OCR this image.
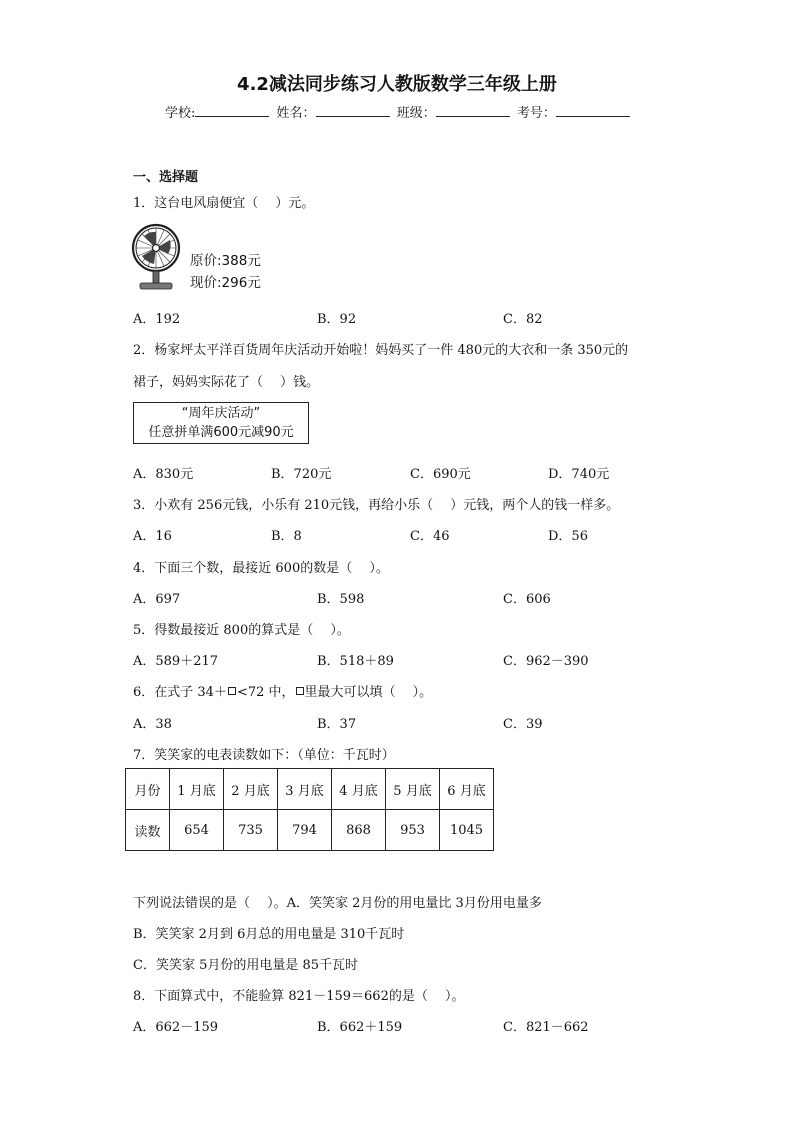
4.2减法同步练习人教版数学三年级上册
学校:	姓名：	班级：	考号：
一、选择题
1．这台电风扇便宜（　 ）元。
原价:388元
现价:296元
A．192	B．92	C．82
2．杨家坪太平洋百货周年庆活动开始啦！妈妈买了一件 480元的大衣和一条 350元的
裙子，妈妈实际花了（　 ）钱。
“周年庆活动”
任意拼单满600元减90元
A．830元	B．720元	C．690元	D．740元
3．小欢有 256元钱，小乐有 210元钱，再给小乐（　 ）元钱，两个人的钱一样多。
A．16	B．8	C．46	D．56
4．下面三个数，最接近 600的数是（　 ）。
A．697	B．598	C．606
5．得数最接近 800的算式是（　 ）。
A．589＋217	B．518＋89	C．962－390
6．在式子 34＋ <72 中， 里最大可以填（　 ）。
A．38	B．37	C．39
7．笑笑家的电表读数如下：（单位：千瓦时）
月份	1 月底	2 月底	3 月底	4 月底	5 月底	6 月底
读数	654	735	794	868	953	1045
下列说法错误的是（　 ）。A．笑笑家 2月份的用电量比 3月份用电量多
B．笑笑家 2月到 6月总的用电量是 310千瓦时
C．笑笑家 5月份的用电量是 85千瓦时
8．下面算式中，不能验算 821－159＝662的是（　 ）。
A．662－159	B．662＋159	C．821－662
